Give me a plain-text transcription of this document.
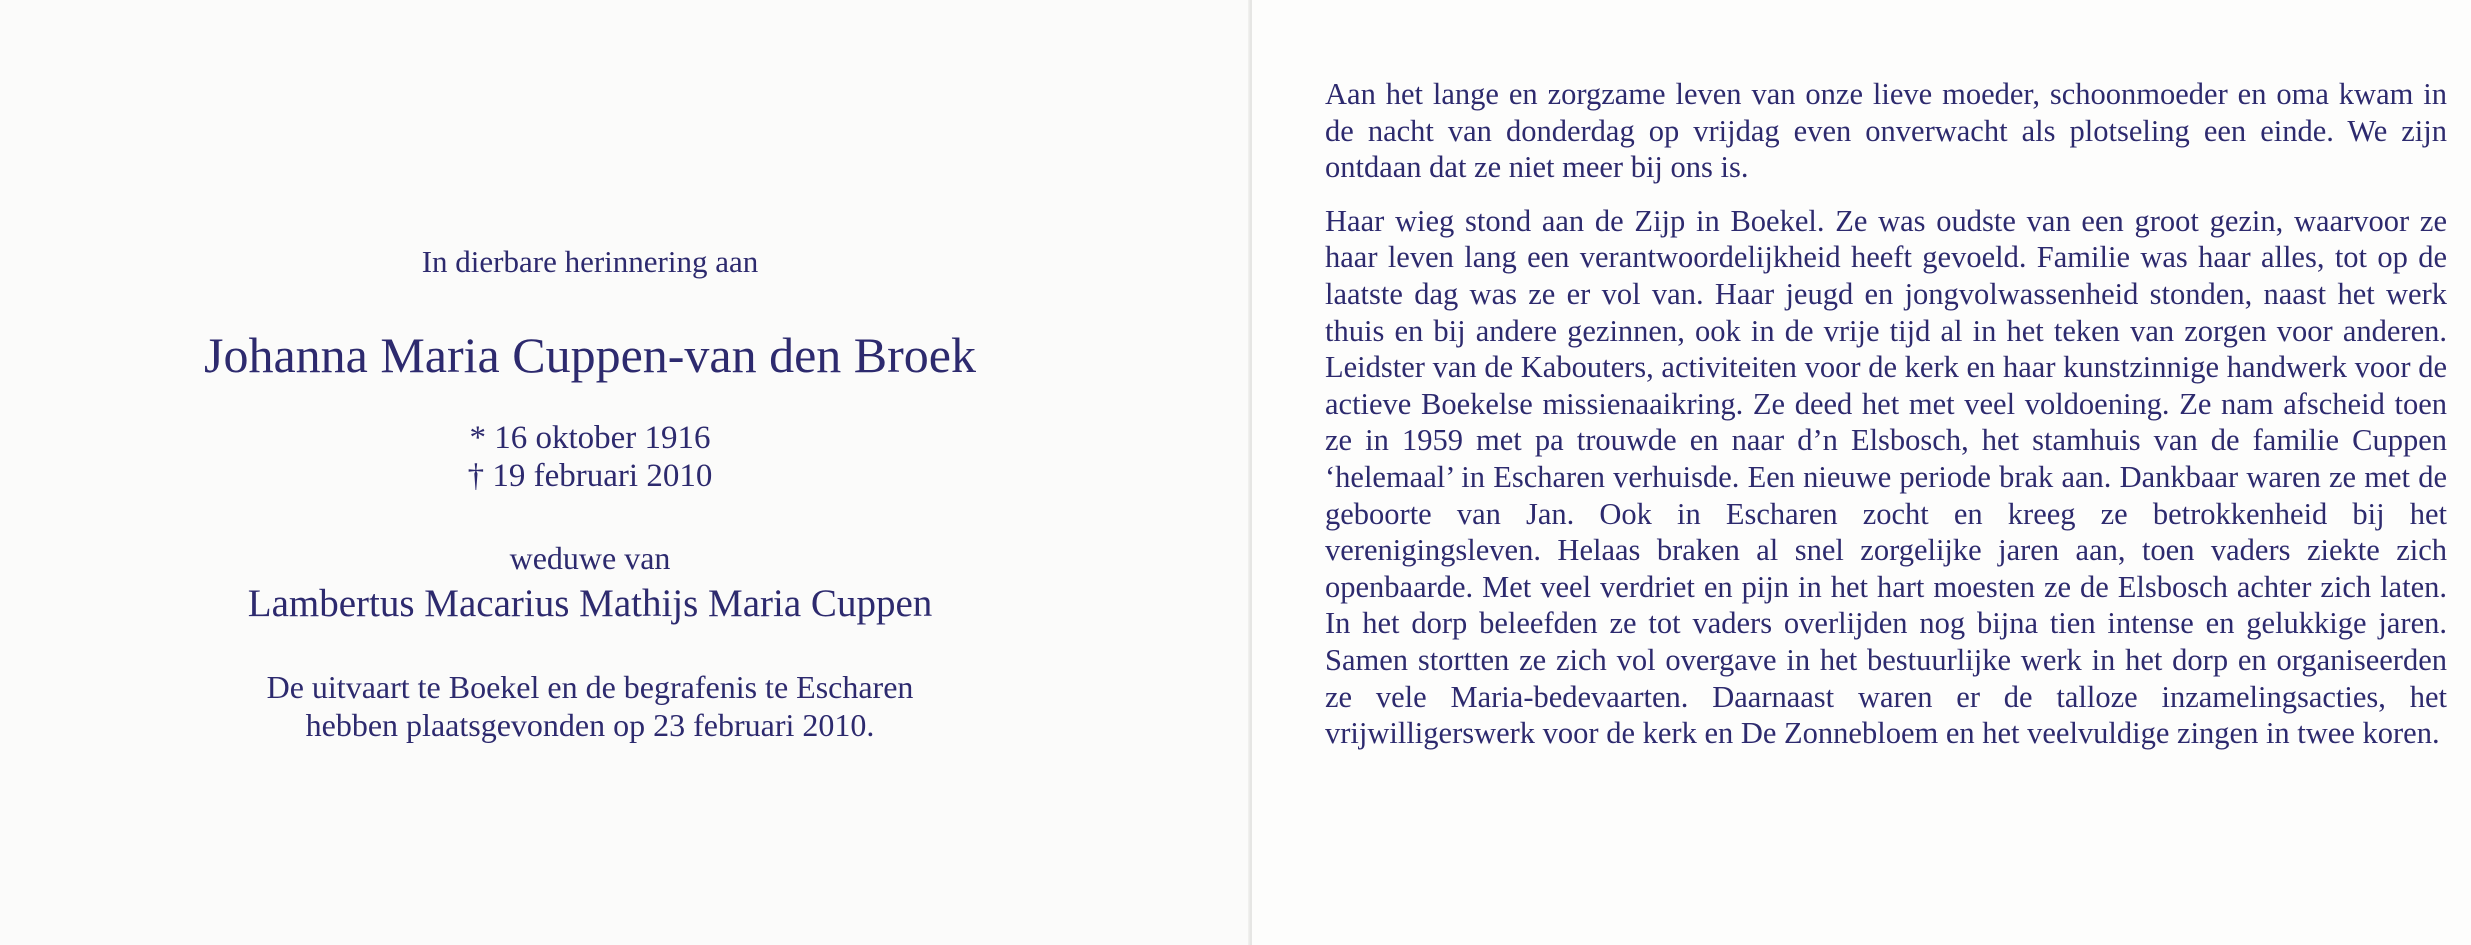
In dierbare herinnering aan
Johanna Maria Cuppen-van den Broek
* 16 oktober 1916
† 19 februari 2010
weduwe van
Lambertus Macarius Mathijs Maria Cuppen
De uitvaart te Boekel en de begrafenis te Escharen
hebben plaatsgevonden op 23 februari 2010.

Aan het lange en zorgzame leven van onze lieve moeder, schoonmoeder en oma kwam in de nacht van donderdag op vrijdag even onverwacht als plotseling een einde. We zijn ontdaan dat ze niet meer bij ons is.

Haar wieg stond aan de Zijp in Boekel. Ze was oudste van een groot gezin, waarvoor ze haar leven lang een verantwoordelijkheid heeft gevoeld. Familie was haar alles, tot op de laatste dag was ze er vol van. Haar jeugd en jongvolwassenheid stonden, naast het werk thuis en bij andere gezinnen, ook in de vrije tijd al in het teken van zorgen voor anderen. Leidster van de Kabouters, activiteiten voor de kerk en haar kunstzinnige handwerk voor de actieve Boekelse missienaaikring. Ze deed het met veel voldoening. Ze nam afscheid toen ze in 1959 met pa trouwde en naar d’n Elsbosch, het stamhuis van de familie Cuppen ‘helemaal’ in Escharen verhuisde. Een nieuwe periode brak aan. Dankbaar waren ze met de geboorte van Jan. Ook in Escharen zocht en kreeg ze betrokkenheid bij het verenigingsleven. Helaas braken al snel zorgelijke jaren aan, toen vaders ziekte zich openbaarde. Met veel verdriet en pijn in het hart moesten ze de Elsbosch achter zich laten. In het dorp beleefden ze tot vaders overlijden nog bijna tien intense en gelukkige jaren. Samen stortten ze zich vol overgave in het bestuurlijke werk in het dorp en organiseerden ze vele Maria-bedevaarten. Daarnaast waren er de talloze inzamelingsacties, het vrijwilligerswerk voor de kerk en De Zonnebloem en het veelvuldige zingen in twee koren.
